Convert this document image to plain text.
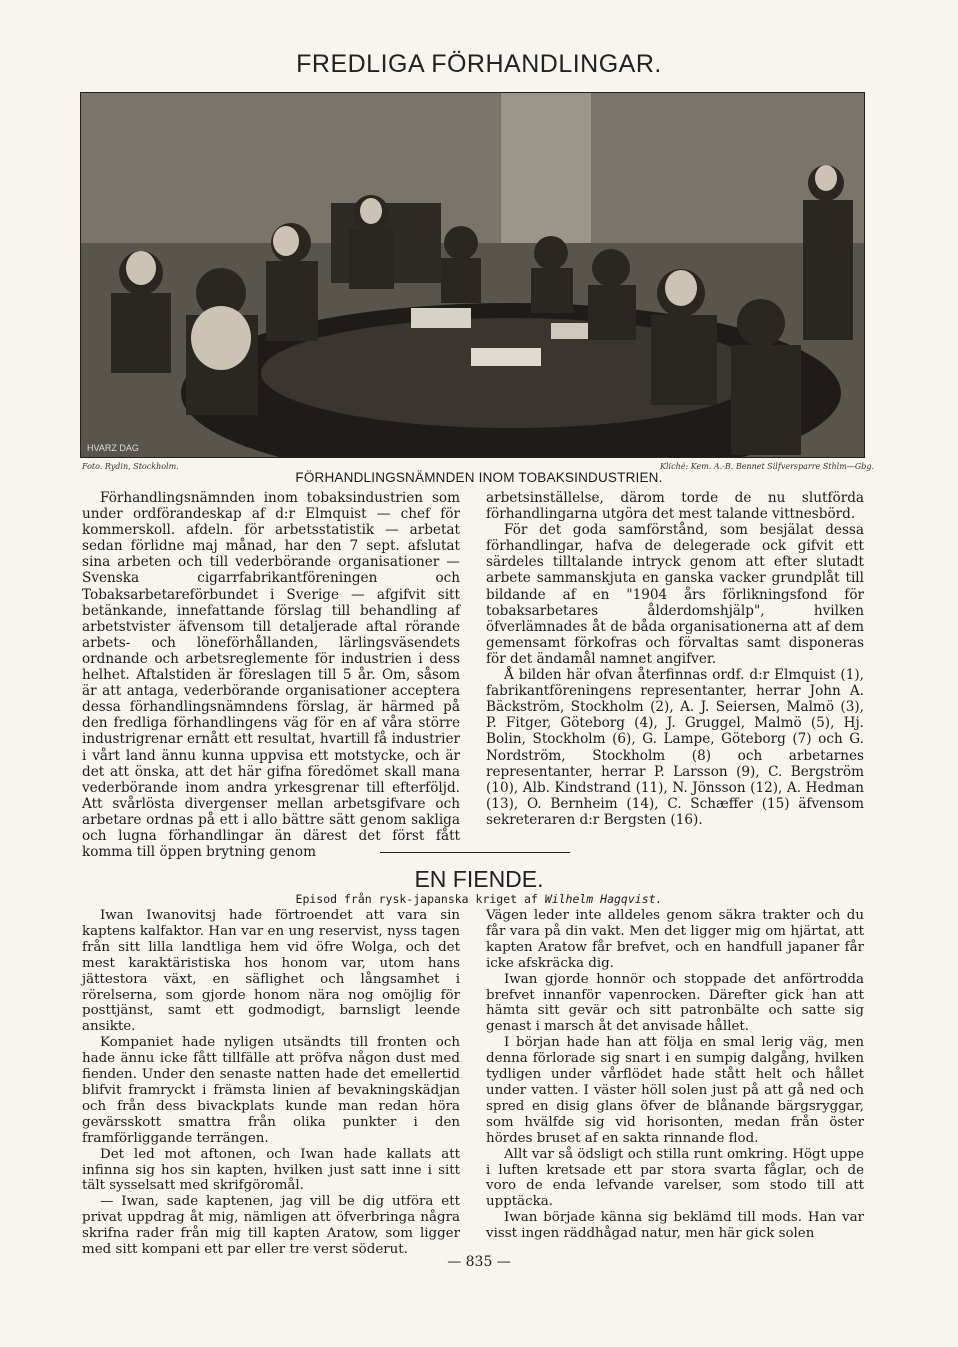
FREDLIGA FÖRHANDLINGAR.
HVARZ DAG
Foto. Rydin, Stockholm.	Kliché: Kem. A.-B. Bennet Silfversparre Sthlm—Gbg.
FÖRHANDLINGSNÄMNDEN INOM TOBAKSINDUSTRIEN.

Förhandlingsnämnden inom tobaksindustrien som under ordförandeskap af d:r Elmquist — chef för kommerskoll. afdeln. för arbetsstatistik — arbetat sedan förlidne maj månad, har den 7 sept. afslutat sina arbeten och till vederbörande organisationer — Svenska cigarrfabrikantföreningen och Tobaksarbetareförbundet i Sverige — afgifvit sitt betänkande, innefattande förslag till behandling af arbetstvister äfvensom till detaljerade aftal rörande arbets- och löneförhållanden, lärlingsväsendets ordnande och arbetsreglemente för industrien i dess helhet. Aftalstiden är föreslagen till 5 år. Om, såsom är att antaga, vederbörande organisationer acceptera dessa förhandlingsnämndens förslag, är härmed på den fredliga förhandlingens väg för en af våra större industrigrenar ernått ett resultat, hvartill få industrier i vårt land ännu kunna uppvisa ett motstycke, och är det att önska, att det här gifna föredömet skall mana vederbörande inom andra yrkesgrenar till efterföljd. Att svårlösta divergenser mellan arbetsgifvare och arbetare ordnas på ett i allo bättre sätt genom sakliga och lugna förhandlingar än därest det först fått komma till öppen brytning genom

arbetsinställelse, därom torde de nu slutförda förhandlingarna utgöra det mest talande vittnesbörd.

För det goda samförstånd, som besjälat dessa förhandlingar, hafva de delegerade ock gifvit ett särdeles tilltalande intryck genom att efter slutadt arbete sammanskjuta en ganska vacker grundplåt till bildande af en "1904 års förlikningsfond för tobaksarbetares ålderdomshjälp", hvilken öfverlämnades åt de båda organisationerna att af dem gemensamt förkofras och förvaltas samt disponeras för det ändamål namnet angifver.

Å bilden här ofvan återfinnas ordf. d:r Elmquist (1), fabrikantföreningens representanter, herrar John A. Bäckström, Stockholm (2), A. J. Seiersen, Malmö (3), P. Fitger, Göteborg (4), J. Gruggel, Malmö (5), Hj. Bolin, Stockholm (6), G. Lampe, Göteborg (7) och G. Nordström, Stockholm (8) och arbetarnes representanter, herrar P. Larsson (9), C. Bergström (10), Alb. Kindstrand (11), N. Jönsson (12), A. Hedman (13), O. Bernheim (14), C. Schæffer (15) äfvensom sekreteraren d:r Bergsten (16).

EN FIENDE.
Episod från rysk-japanska kriget af Wilhelm Hagqvist.

Iwan Iwanovitsj hade förtroendet att vara sin kaptens kalfaktor. Han var en ung reservist, nyss tagen från sitt lilla landtliga hem vid öfre Wolga, och det mest karaktäristiska hos honom var, utom hans jättestora växt, en säflighet och långsamhet i rörelserna, som gjorde honom nära nog omöjlig för posttjänst, samt ett godmodigt, barnsligt leende ansikte.

Kompaniet hade nyligen utsändts till fronten och hade ännu icke fått tillfälle att pröfva någon dust med fienden. Under den senaste natten hade det emellertid blifvit framryckt i främsta linien af bevakningskädjan och från dess bivackplats kunde man redan höra gevärsskott smattra från olika punkter i den framförliggande terrängen.

Det led mot aftonen, och Iwan hade kallats att infinna sig hos sin kapten, hvilken just satt inne i sitt tält sysselsatt med skrifgöromål.

— Iwan, sade kaptenen, jag vill be dig utföra ett privat uppdrag åt mig, nämligen att öfverbringa några skrifna rader från mig till kapten Aratow, som ligger med sitt kompani ett par eller tre verst söderut.

Vägen leder inte alldeles genom säkra trakter och du får vara på din vakt. Men det ligger mig om hjärtat, att kapten Aratow får brefvet, och en handfull japaner får icke afskräcka dig.

Iwan gjorde honnör och stoppade det anförtrodda brefvet innanför vapenrocken. Därefter gick han att hämta sitt gevär och sitt patronbälte och satte sig genast i marsch åt det anvisade hållet.

I början hade han att följa en smal lerig väg, men denna förlorade sig snart i en sumpig dalgång, hvilken tydligen under vårflödet hade stått helt och hållet under vatten. I väster höll solen just på att gå ned och spred en disig glans öfver de blånande bärgsryggar, som hvälfde sig vid horisonten, medan från öster hördes bruset af en sakta rinnande flod.

Allt var så ödsligt och stilla runt omkring. Högt uppe i luften kretsade ett par stora svarta fåglar, och de voro de enda lefvande varelser, som stodo till att upptäcka.

Iwan började känna sig beklämd till mods. Han var visst ingen räddhågad natur, men här gick solen

— 835 —
